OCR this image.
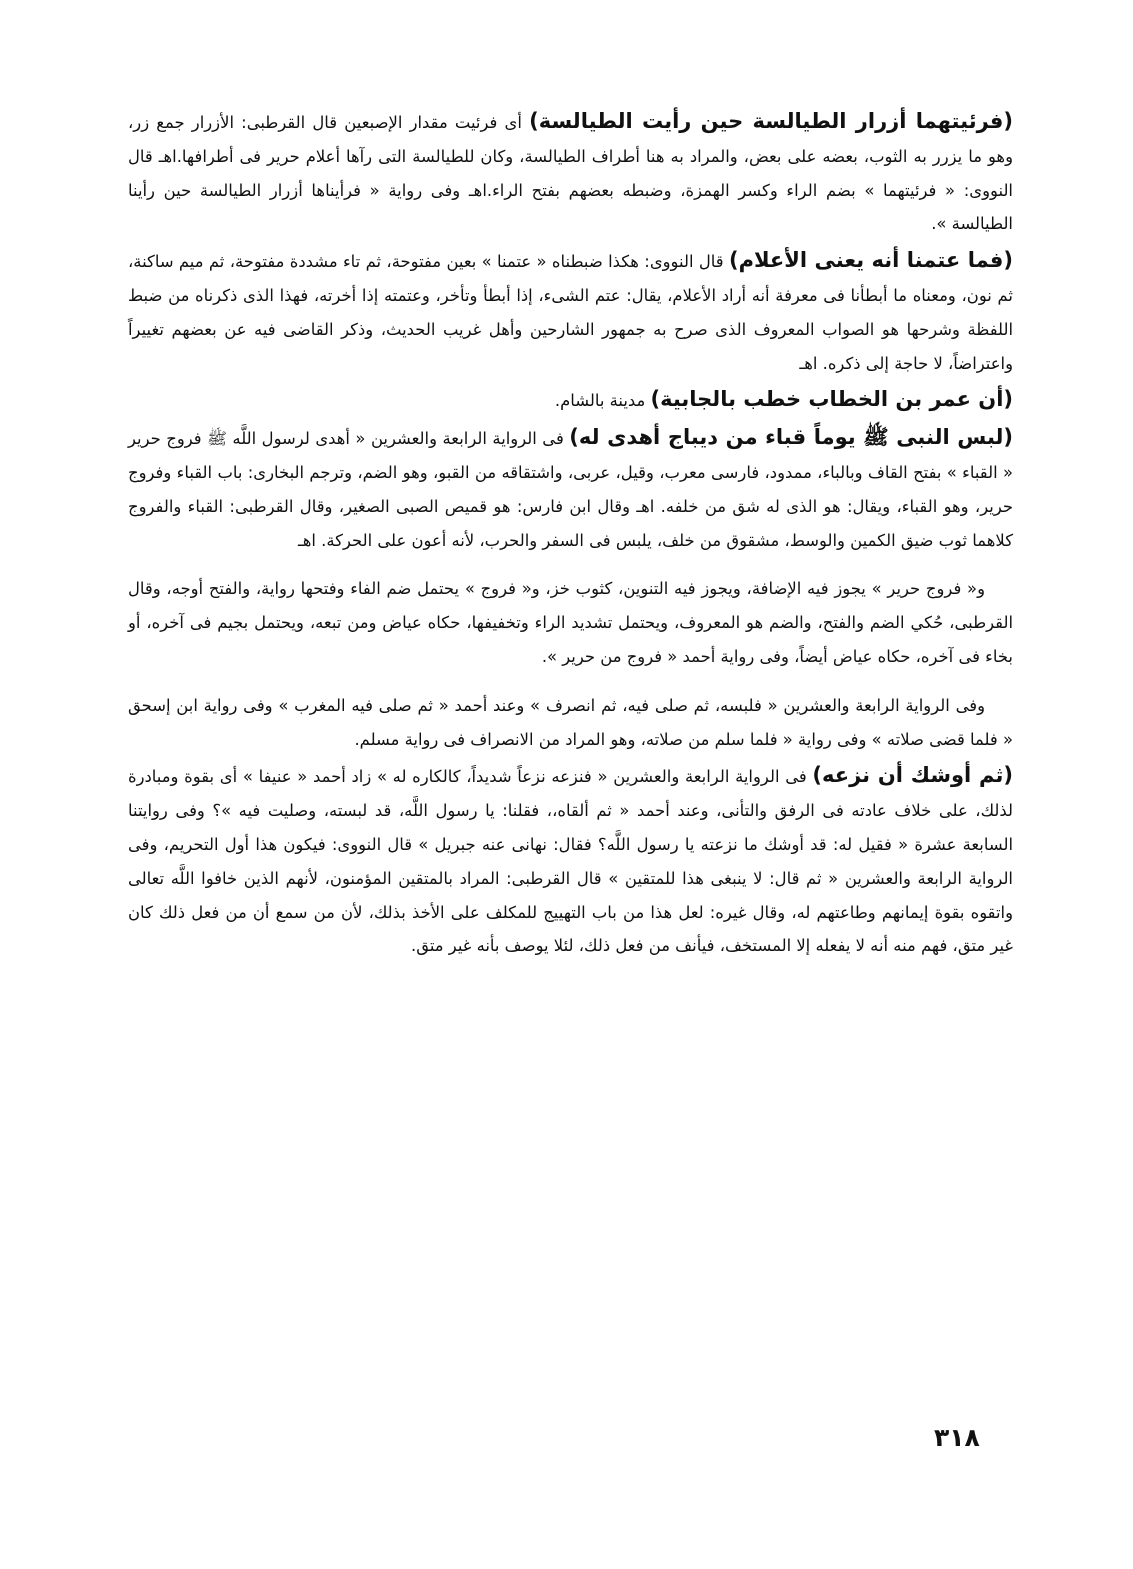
(فرئيتهما أزرار الطيالسة حين رأيت الطيالسة) أى فرئيت مقدار الإصبعين قال القرطبى: الأزرار جمع زر، وهو ما يزرر به الثوب، بعضه على بعض، والمراد به هنا أطراف الطيالسة، وكان للطيالسة التى رآها أعلام حرير فى أطرافها.اهـ قال النووى: « فرئيتهما » بضم الراء وكسر الهمزة، وضبطه بعضهم بفتح الراء.اهـ وفى رواية « فرأيناها أزرار الطيالسة حين رأينا الطيالسة ».

(فما عتمنا أنه يعنى الأعلام) قال النووى: هكذا ضبطناه « عتمنا » بعين مفتوحة، ثم تاء مشددة مفتوحة، ثم ميم ساكنة، ثم نون، ومعناه ما أبطأنا فى معرفة أنه أراد الأعلام، يقال: عتم الشىء، إذا أبطأ وتأخر، وعتمته إذا أخرته، فهذا الذى ذكرناه من ضبط اللفظة وشرحها هو الصواب المعروف الذى صرح به جمهور الشارحين وأهل غريب الحديث، وذكر القاضى فيه عن بعضهم تغييراً واعتراضاً، لا حاجة إلى ذكره. اهـ

(أن عمر بن الخطاب خطب بالجابية) مدينة بالشام.

(لبس النبى ﷺ يوماً قباء من ديباج أهدى له) فى الرواية الرابعة والعشرين « أهدى لرسول اللَّه ﷺ فروج حرير « القباء » بفتح القاف وبالباء، ممدود، فارسى معرب، وقيل، عربى، واشتقاقه من القبو، وهو الضم، وترجم البخارى: باب القباء وفروج حرير، وهو القباء، ويقال: هو الذى له شق من خلفه. اهـ وقال ابن فارس: هو قميص الصبى الصغير، وقال القرطبى: القباء والفروج كلاهما ثوب ضيق الكمين والوسط، مشقوق من خلف، يلبس فى السفر والحرب، لأنه أعون على الحركة. اهـ

و« فروج حرير » يجوز فيه الإضافة، ويجوز فيه التنوين، كثوب خز، و« فروج » يحتمل ضم الفاء وفتحها رواية، والفتح أوجه، وقال القرطبى، حُكي الضم والفتح، والضم هو المعروف، ويحتمل تشديد الراء وتخفيفها، حكاه عياض ومن تبعه، ويحتمل بجيم فى آخره، أو بخاء فى آخره، حكاه عياض أيضاً، وفى رواية أحمد « فروج من حرير ».

وفى الرواية الرابعة والعشرين « فلبسه، ثم صلى فيه، ثم انصرف » وعند أحمد « ثم صلى فيه المغرب » وفى رواية ابن إسحق « فلما قضى صلاته » وفى رواية « فلما سلم من صلاته، وهو المراد من الانصراف فى رواية مسلم.

(ثم أوشك أن نزعه) فى الرواية الرابعة والعشرين « فنزعه نزعاً شديداً، كالكاره له » زاد أحمد « عنيفا » أى بقوة ومبادرة لذلك، على خلاف عادته فى الرفق والتأنى، وعند أحمد « ثم ألقاه،، فقلنا: يا رسول اللَّه، قد لبسته، وصليت فيه »؟ وفى روايتنا السابعة عشرة « فقيل له: قد أوشك ما نزعته يا رسول اللَّه؟ فقال: نهانى عنه جبريل » قال النووى: فيكون هذا أول التحريم، وفى الرواية الرابعة والعشرين « ثم قال: لا ينبغى هذا للمتقين » قال القرطبى: المراد بالمتقين المؤمنون، لأنهم الذين خافوا اللَّه تعالى واتقوه بقوة إيمانهم وطاعتهم له، وقال غيره: لعل هذا من باب التهييج للمكلف على الأخذ بذلك، لأن من سمع أن من فعل ذلك كان غير متق، فهم منه أنه لا يفعله إلا المستخف، فيأنف من فعل ذلك، لئلا يوصف بأنه غير متق.

٣١٨
